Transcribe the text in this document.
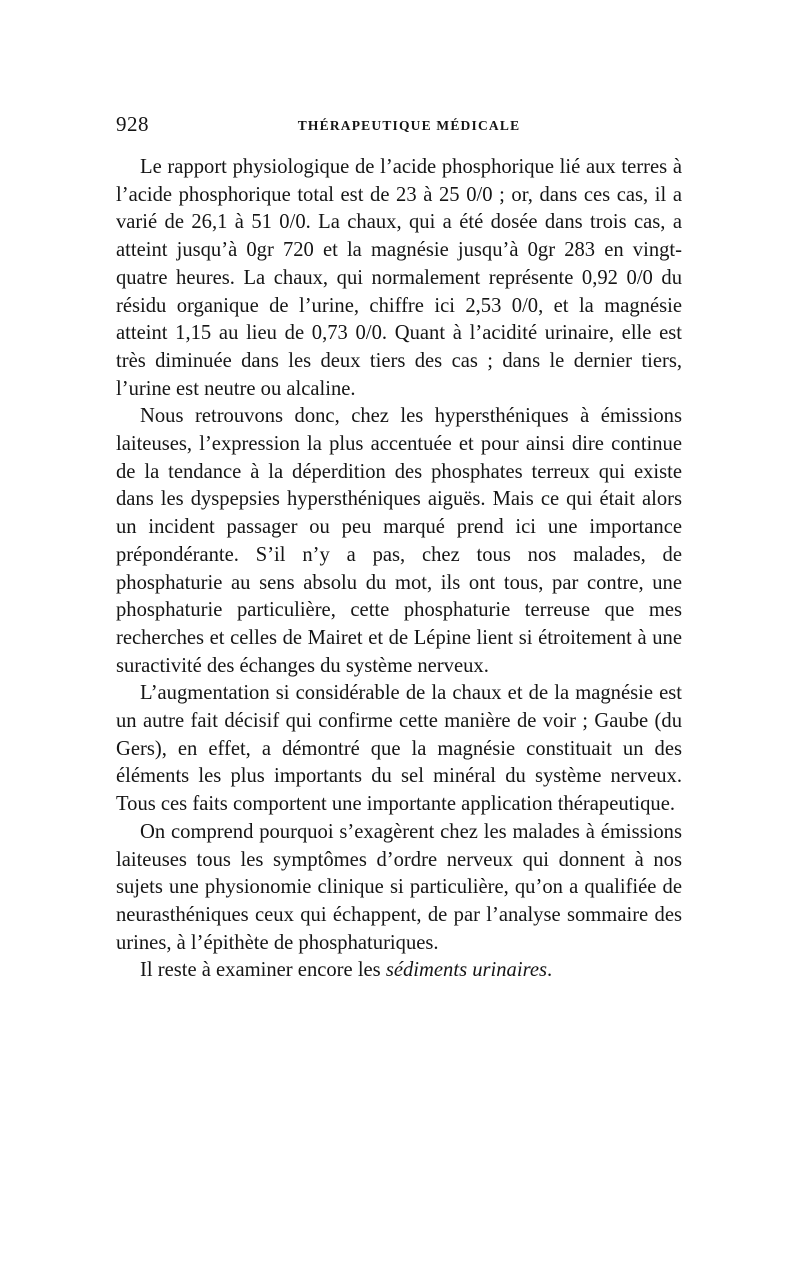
928	THÉRAPEUTIQUE MÉDICALE

Le rapport physiologique de l’acide phosphorique lié aux terres à l’acide phosphorique total est de 23 à 25 0/0 ; or, dans ces cas, il a varié de 26,1 à 51 0/0. La chaux, qui a été dosée dans trois cas, a atteint jusqu’à 0gr 720 et la magnésie jusqu’à 0gr 283 en vingt-quatre heures. La chaux, qui normalement représente 0,92 0/0 du résidu organique de l’urine, chiffre ici 2,53 0/0, et la magnésie atteint 1,15 au lieu de 0,73 0/0. Quant à l’acidité urinaire, elle est très diminuée dans les deux tiers des cas ; dans le dernier tiers, l’urine est neutre ou alcaline.

Nous retrouvons donc, chez les hypersthéniques à émissions laiteuses, l’expression la plus accentuée et pour ainsi dire continue de la tendance à la déperdition des phosphates terreux qui existe dans les dyspepsies hypersthéniques aiguës. Mais ce qui était alors un incident passager ou peu marqué prend ici une importance prépondérante. S’il n’y a pas, chez tous nos malades, de phosphaturie au sens absolu du mot, ils ont tous, par contre, une phosphaturie particulière, cette phosphaturie terreuse que mes recherches et celles de Mairet et de Lépine lient si étroitement à une suractivité des échanges du système nerveux.

L’augmentation si considérable de la chaux et de la magnésie est un autre fait décisif qui confirme cette manière de voir ; Gaube (du Gers), en effet, a démontré que la magnésie constituait un des éléments les plus importants du sel minéral du système nerveux. Tous ces faits comportent une importante application thérapeutique.

On comprend pourquoi s’exagèrent chez les malades à émissions laiteuses tous les symptômes d’ordre nerveux qui donnent à nos sujets une physionomie clinique si particulière, qu’on a qualifiée de neurasthéniques ceux qui échappent, de par l’analyse sommaire des urines, à l’épithète de phosphaturiques.

Il reste à examiner encore les sédiments urinaires.
